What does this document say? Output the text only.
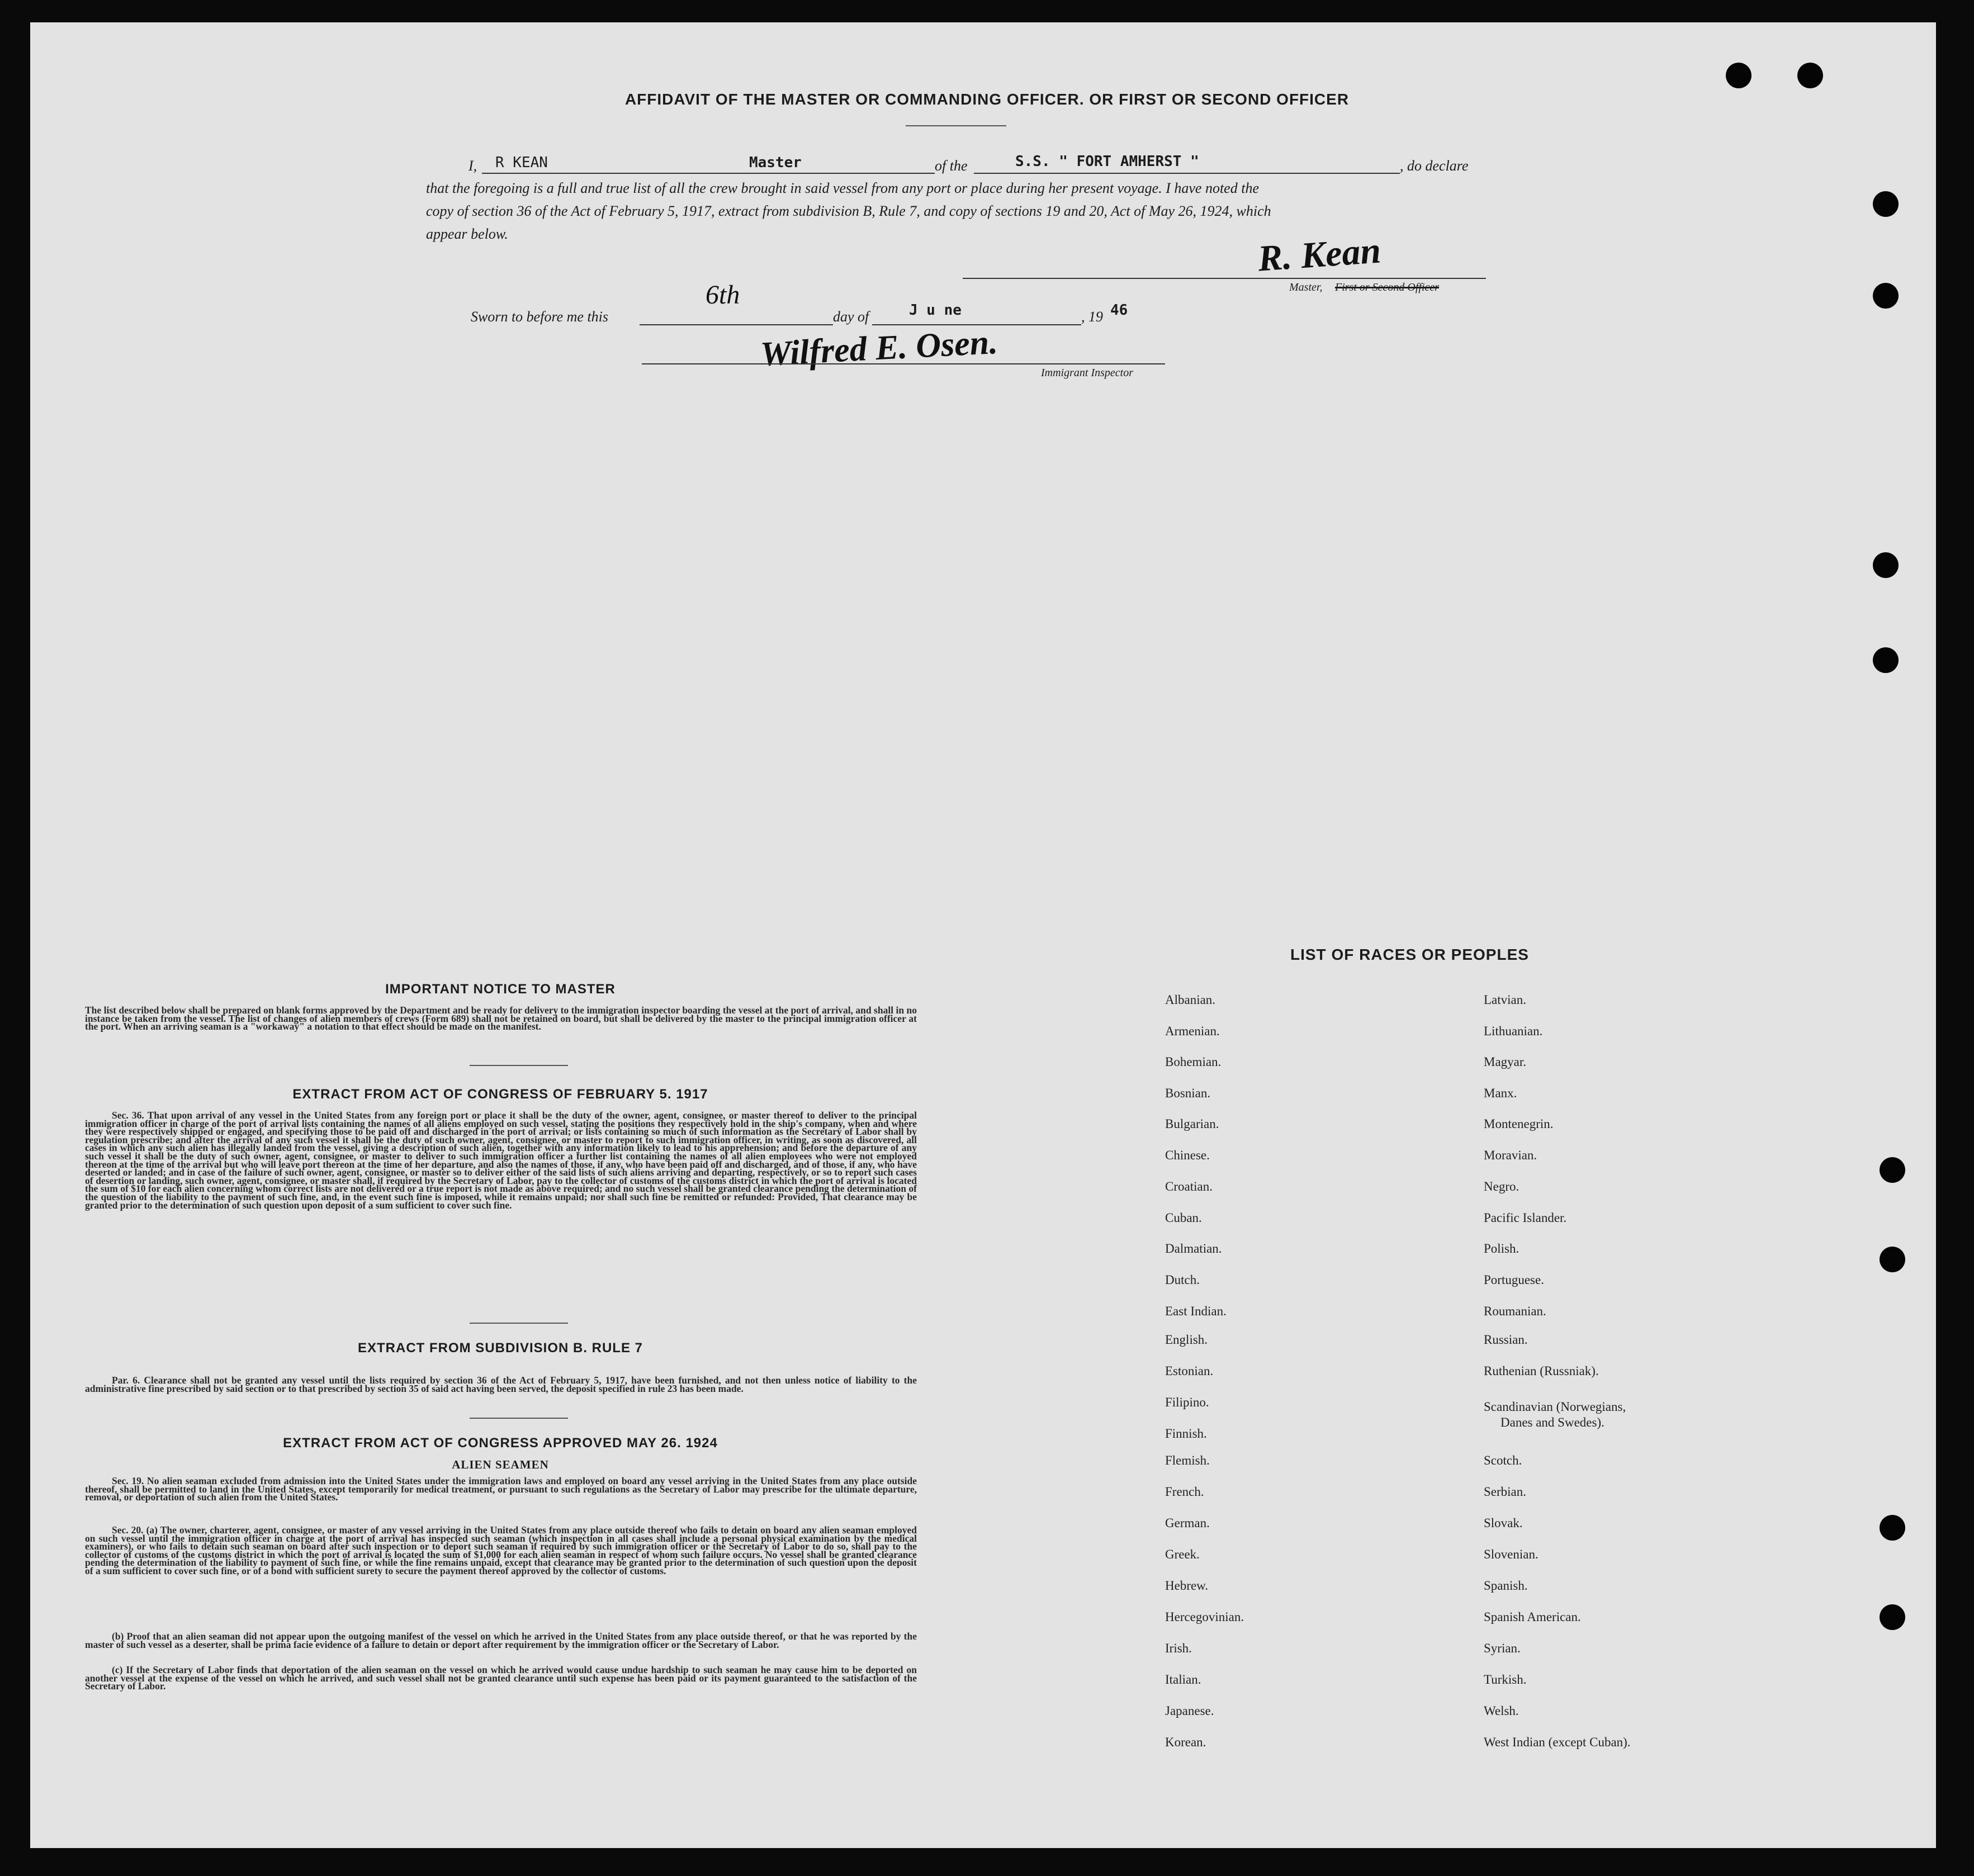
AFFIDAVIT OF THE MASTER OR COMMANDING OFFICER. OR FIRST OR SECOND OFFICER
I, R KEAN	Master	of the	S.S. " FORT AMHERST "	, do declare
that the foregoing is a full and true list of all the crew brought in said vessel from any port or place during her present voyage. I have noted the
copy of section 36 of the Act of February 5, 1917, extract from subdivision B, Rule 7, and copy of sections 19 and 20, Act of May 26, 1924, which
appear below.	R. Kean
Master, First or Second Officer
Sworn to before me this
6th
day of	J u ne	, 19 46
Wilfred E. Osen.	Immigrant Inspector
IMPORTANT NOTICE TO MASTER
The list described below shall be prepared on blank forms approved by the Department and be ready for delivery to the immigration inspector boarding the vessel at the port of arrival, and shall in no instance be taken from the vessel. The list of changes of alien members of crews (Form 689) shall not be retained on board, but shall be delivered by the master to the principal immigration officer at the port. When an arriving seaman is a "workaway" a notation to that effect should be made on the manifest.
EXTRACT FROM ACT OF CONGRESS OF FEBRUARY 5. 1917
Sec. 36. That upon arrival of any vessel in the United States from any foreign port or place it shall be the duty of the owner, agent, consignee, or master thereof to deliver to the principal immigration officer in charge of the port of arrival lists containing the names of all aliens employed on such vessel, stating the positions they respectively hold in the ship's company, when and where they were respectively shipped or engaged, and specifying those to be paid off and discharged in the port of arrival; or lists containing so much of such information as the Secretary of Labor shall by regulation prescribe; and after the arrival of any such vessel it shall be the duty of such owner, agent, consignee, or master to report to such immigration officer, in writing, as soon as discovered, all cases in which any such alien has illegally landed from the vessel, giving a description of such alien, together with any information likely to lead to his apprehension; and before the departure of any such vessel it shall be the duty of such owner, agent, consignee, or master to deliver to such immigration officer a further list containing the names of all alien employees who were not employed thereon at the time of the arrival but who will leave port thereon at the time of her departure, and also the names of those, if any, who have been paid off and discharged, and of those, if any, who have deserted or landed; and in case of the failure of such owner, agent, consignee, or master so to deliver either of the said lists of such aliens arriving and departing, respectively, or so to report such cases of desertion or landing, such owner, agent, consignee, or master shall, if required by the Secretary of Labor, pay to the collector of customs of the customs district in which the port of arrival is located the sum of $10 for each alien concerning whom correct lists are not delivered or a true report is not made as above required; and no such vessel shall be granted clearance pending the determination of the question of the liability to the payment of such fine, and, in the event such fine is imposed, while it remains unpaid; nor shall such fine be remitted or refunded: Provided, That clearance may be granted prior to the determination of such question upon deposit of a sum sufficient to cover such fine.
EXTRACT FROM SUBDIVISION B. RULE 7
Par. 6. Clearance shall not be granted any vessel until the lists required by section 36 of the Act of February 5, 1917, have been furnished, and not then unless notice of liability to the administrative fine prescribed by said section or to that prescribed by section 35 of said act having been served, the deposit specified in rule 23 has been made.
EXTRACT FROM ACT OF CONGRESS APPROVED MAY 26. 1924
ALIEN SEAMEN
Sec. 19. No alien seaman excluded from admission into the United States under the immigration laws and employed on board any vessel arriving in the United States from any place outside thereof, shall be permitted to land in the United States, except temporarily for medical treatment, or pursuant to such regulations as the Secretary of Labor may prescribe for the ultimate departure, removal, or deportation of such alien from the United States.
Sec. 20. (a) The owner, charterer, agent, consignee, or master of any vessel arriving in the United States from any place outside thereof who fails to detain on board any alien seaman employed on such vessel until the immigration officer in charge at the port of arrival has inspected such seaman (which inspection in all cases shall include a personal physical examination by the medical examiners), or who fails to detain such seaman on board after such inspection or to deport such seaman if required by such immigration officer or the Secretary of Labor to do so, shall pay to the collector of customs of the customs district in which the port of arrival is located the sum of $1,000 for each alien seaman in respect of whom such failure occurs. No vessel shall be granted clearance pending the determination of the liability to payment of such fine, or while the fine remains unpaid, except that clearance may be granted prior to the determination of such question upon the deposit of a sum sufficient to cover such fine, or of a bond with sufficient surety to secure the payment thereof approved by the collector of customs.
(b) Proof that an alien seaman did not appear upon the outgoing manifest of the vessel on which he arrived in the United States from any place outside thereof, or that he was reported by the master of such vessel as a deserter, shall be prima facie evidence of a failure to detain or deport after requirement by the immigration officer or the Secretary of Labor.
(c) If the Secretary of Labor finds that deportation of the alien seaman on the vessel on which he arrived would cause undue hardship to such seaman he may cause him to be deported on another vessel at the expense of the vessel on which he arrived, and such vessel shall not be granted clearance until such expense has been paid or its payment guaranteed to the satisfaction of the Secretary of Labor.
LIST OF RACES OR PEOPLES
Albanian.
Armenian.
Bohemian.
Bosnian.
Bulgarian.
Chinese.
Croatian.
Cuban.
Dalmatian.
Dutch.
East Indian.
English.
Estonian.
Filipino.
Finnish.
Flemish.
French.
German.
Greek.
Hebrew.
Hercegovinian.
Irish.
Italian.
Japanese.
Korean.
Latvian.
Lithuanian.
Magyar.
Manx.
Montenegrin.
Moravian.
Negro.
Pacific Islander.
Polish.
Portuguese.
Roumanian.
Russian.
Ruthenian (Russniak).
Scandinavian (Norwegians,
Danes and Swedes).
Scotch.
Serbian.
Slovak.
Slovenian.
Spanish.
Spanish American.
Syrian.
Turkish.
Welsh.
West Indian (except Cuban).
